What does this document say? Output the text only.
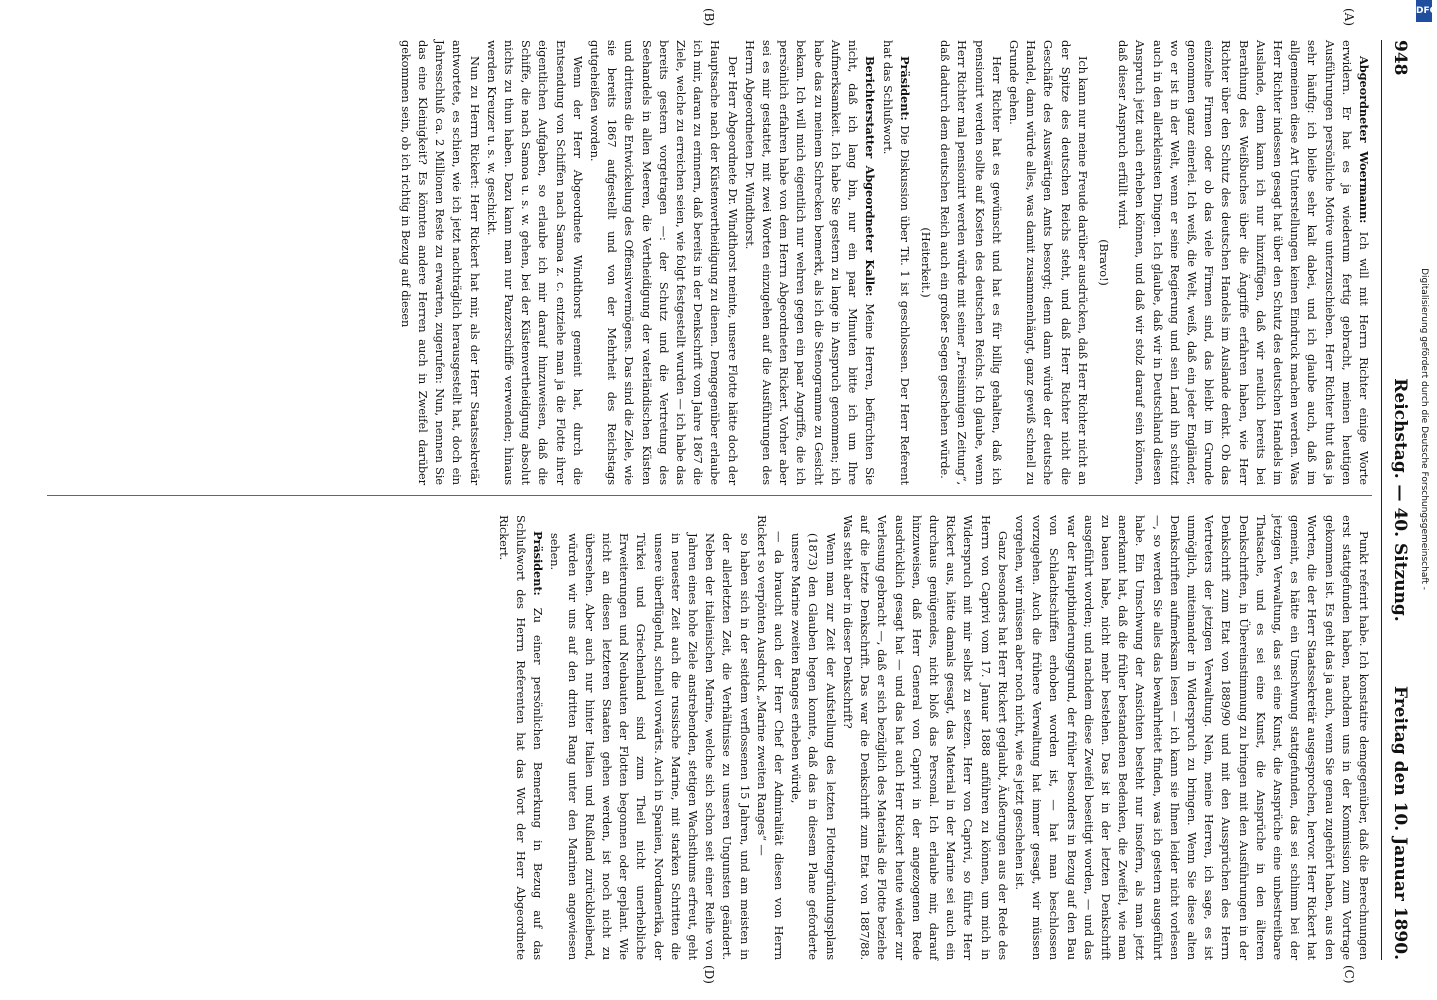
948
Reichstag. — 40. Sitzung.
Freitag den 10. Januar 1890.
(A)
(B)
(C)
(D)

Abgeordneter Woermann: Ich will mit Herrn Richter einige Worte erwidern. Er hat es ja wiederum fertig gebracht, meinen heutigen Ausführungen persönliche Motive unterzuschieben. Herr Richter thut das ja sehr häufig: ich bleibe sehr kalt dabei, und ich glaube auch, daß im allgemeinen diese Art Unterstellungen keinen Eindruck machen werden. Was Herr Richter indessen gesagt hat über den Schutz des deutschen Handels im Auslande, denn kann ich nur hinzufügen, daß wir neulich bereits bei Berathung des Weißbuches über die Ängriffe erfahren haben, wie Herr Richter über den Schutz des deutschen Handels im Auslande denkt. Ob das einzelne Firmen oder ob das viele Firmen sind, das bleibt im Grunde genommen ganz einerlei. Ich weiß, die Welt, weiß, daß ein jeder Engländer, wo er ist in der Welt, wenn er seine Regierung und sein Land ihn schützt auch in den allerkleinsten Dingen. Ich glaube, daß wir in Deutschland diesen Anspruch jetzt auch erheben können, und daß wir stolz darauf sein können, daß dieser Anspruch erfüllt wird.

(Bravo!)

Ich kann nur meine Freude darüber ausdrücken, daß Herr Richter nicht an der Spitze des deutschen Reichs steht, und daß Herr Richter nicht die Geschäfte des Auswärtigen Amts besorgt; denn dann würde der deutsche Handel, dann würde alles, was damit zusammenhängt, ganz gewiß schnell zu Grunde gehen.

Herr Richter hat es gewünscht und hat es für billig gehalten, daß ich pensionirt werden sollte auf Kosten des deutschen Reichs. Ich glaube, wenn Herr Richter mal pensionirt werden würde mit seiner „Freisinnigen Zeitung“, daß dadurch dem deutschen Reich auch ein großer Segen geschehen würde.

(Heiterkeit.)

Präsident: Die Diskussion über Tit. 1 ist geschlossen. Der Herr Referent hat das Schlußwort.

Berichterstatter Abgeordneter Kalle: Meine Herren, befürchten Sie nicht, daß ich lang bin, nur ein paar Minuten bitte ich um Ihre Aufmerksamkeit. Ich habe Sie gestern zu lange in Anspruch genommen; ich habe das zu meinem Schrecken bemerkt, als ich die Stenogramme zu Gesicht bekam. Ich will mich eigentlich nur wehren gegen ein paar Angriffe, die ich persönlich erfahren habe von dem Herrn Abgeordneten Rickert. Vorher aber sei es mir gestattet, mit zwei Worten einzugehen auf die Ausführungen des Herrn Abgeordneten Dr. Windthorst.

Der Herr Abgeordnete Dr. Windthorst meinte, unsere Flotte hätte doch der Hauptsache nach der Küstenvertheidigung zu dienen. Demgegenüber erlaube ich mir, daran zu erinnern, daß bereits in der Denkschrift vom Jahre 1867 die Ziele, welche zu erreichen seien, wie folgt festgestellt wurden — ich habe das bereits gestern vorgetragen —: der Schutz und die Vertretung des Seehandels in allen Meeren, die Vertheidigung der vaterländischen Küsten und drittens die Entwickelung des Offensivvermögens. Das sind die Ziele, wie sie bereits 1867 aufgestellt und von der Mehrheit des Reichstags gutgeheißen worden.

Wenn der Herr Abgeordnete Windthorst gemeint hat, durch die Entsendung von Schiffen nach Samoa z. c. entziehe man ja die Flotte ihrer eigentlichen Aufgaben, so erlaube ich mir darauf hinzuweisen, daß die Schiffe, die nach Samoa u. s. w. gehen, bei der Küstenvertheidigung absolut nichts zu thun haben. Dazu kann man nur Panzerschiffe verwenden; hinaus werden Kreuzer u. s. w. geschickt.

Nun zu Herrn Rickert: Herr Rickert hat mir, als der Herr Staatssekretär antwortete, es schien, wie ich jetzt nachträglich herausgestellt hat, doch ein Jahresschluß ca. 2 Millionen Reste zu erwarten, zugerufen: Nun, nennen Sie das eine Kleinigkeit? Es könnten andere Herren auch in Zweifel darüber gekommen sein, ob ich richtig in Bezug auf diesen

Punkt referirt habe. Ich konstatire demgegenüber, daß die Berechnungen erst stattgefunden haben, nachdem uns in der Kommission zum Vortrage gekommen ist. Es geht das ja auch, wenn Sie genau zugehört haben, aus den Worten, die der Herr Staatssekretär ausgesprochen, hervor. Herr Rickert hat gemeint, es hätte ein Umschwung stattgefunden, das sei schlimm bei der jetzigen Verwaltung, das sei eine Kunst, die Ansprüche eine unbestreitbare Thatsache, und es sei eine Kunst, die Ansprüche in den älteren Denkschriften, in Übereinstimmung zu bringen mit den Ausführungen in der Denkschrift zum Etat von 1889/90 und mit den Aussprüchen des Herrn Vertreters der jetzigen Verwaltung. Nein, meine Herren, ich sage, es ist unmöglich, miteinander in Widerspruch zu bringen. Wenn Sie diese alten Denkschriften aufmerksam lesen — ich kann sie Ihnen leider nicht vorlesen —, so werden Sie alles das bewahrheitet finden, was ich gestern ausgeführt habe. Ein Umschwung der Ansichten besteht nur insofern, als man jetzt anerkannt hat, daß die früher bestandenen Bedenken, die Zweifel, wie man zu bauen habe, nicht mehr bestehen. Das ist in der letzten Denkschrift ausgeführt worden; und nachdem diese Zweifel beseitigt worden, — und das war der Hauptbinderungsgrund, der früher besonders in Bezug auf den Bau von Schlachtschiffen erhoben worden ist, — hat man beschlossen vorzugehen. Auch die frühere Verwaltung hat immer gesagt, wir müssen vorgehen, wir müssen aber noch nicht, wie es jetzt geschehen ist.

Ganz besonders hat Herr Rickert geglaubt, Äußerungen aus der Rede des Herrn von Caprivi vom 17. Januar 1888 anführen zu können, um mich in Widerspruch mit mir selbst zu setzen. Herr von Caprivi, so führte Herr Rickert aus, hätte damals gesagt, das Material in der Marine sei auch ein durchaus genügendes, nicht bloß das Personal. Ich erlaube mir, darauf hinzuweisen, daß Herr General von Caprivi in der angezogenen Rede ausdrücklich gesagt hat — und das hat auch Herr Rickert heute wieder zur Verlesung gebracht —, daß er sich bezüglich des Materials die Flotte beziehe auf die letzte Denkschrift. Das war die Denkschrift zum Etat von 1887/88. Was steht aber in dieser Denkschrift?

Wenn man zur Zeit der Aufstellung des letzten Flottengründungsplans (1873) den Glauben hegen konnte, daß das in diesem Plane geforderte unsere Marine zweiten Ranges erheben würde,

— da braucht auch der Herr Chef der Admiralität diesen von Herrn Rickert so verpönten Ausdruck „Marine zweiten Ranges“ —

so haben sich in der seitdem verflossenen 15 Jahren, und am meisten in der allerletzten Zeit, die Verhältnisse zu unseren Ungunsten geändert. Neben der italienischen Marine, welche sich schon seit einer Reihe von Jahren eines hohe Ziele anstrebenden, stetigen Wachsthums erfreut, geht in neuester Zeit auch die russische Marine, mit starken Schritten die unsere überflügelnd, schnell vorwärts. Auch in Spanien, Nordamerika, der Türkei und Griechenland sind zum Theil nicht unerhebliche Erweiterungen und Neubauten der Flotten begonnen oder geplant. Wie nicht an diesen letzteren Staaten gehen werden, ist noch nicht zu übersehen. Aber auch nur hinter Italien und Rußland zurückbleibend, würden wir uns auf den dritten Rang unter den Marinen angewiesen sehen.

Präsident: Zu einer persönlichen Bemerkung in Bezug auf das Schlußwort des Herrn Referenten hat das Wort der Herr Abgeordnete Rickert.

DFG
Digitalisierung gefördert durch die Deutsche Forschungsgemeinschaft -
